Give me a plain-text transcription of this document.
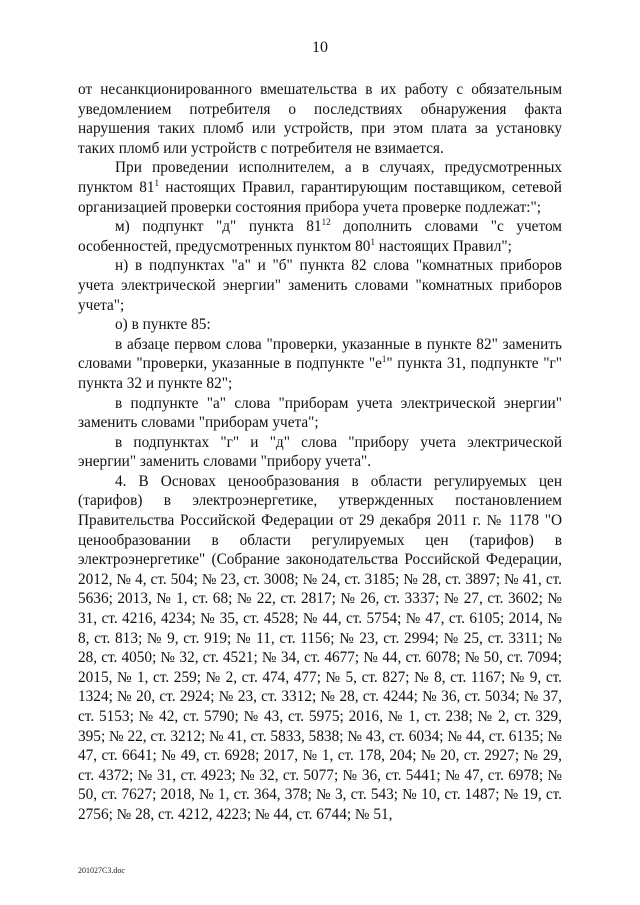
10

от несанкционированного вмешательства в их работу с обязательным уведомлением потребителя о последствиях обнаружения факта нарушения таких пломб или устройств, при этом плата за установку таких пломб или устройств с потребителя не взимается.

При проведении исполнителем, а в случаях, предусмотренных пунктом $81^1$ настоящих Правил, гарантирующим поставщиком, сетевой организацией проверки состояния прибора учета проверке подлежат:";

м) подпункт "д" пункта $81^{12}$ дополнить словами "с учетом особенностей, предусмотренных пунктом $80^1$ настоящих Правил";

н) в подпунктах "а" и "б" пункта 82 слова "комнатных приборов учета электрической энергии" заменить словами "комнатных приборов учета";

о) в пункте 85:

в абзаце первом слова "проверки, указанные в пункте 82" заменить словами "проверки, указанные в подпункте "$е^1$" пункта 31, подпункте "г" пункта 32 и пункте 82";

в подпункте "а" слова "приборам учета электрической энергии" заменить словами "приборам учета";

в подпунктах "г" и "д" слова "прибору учета электрической энергии" заменить словами "прибору учета".

4. В Основах ценообразования в области регулируемых цен (тарифов) в электроэнергетике, утвержденных постановлением Правительства Российской Федерации от 29 декабря 2011 г. № 1178 "О ценообразовании в области регулируемых цен (тарифов) в электроэнергетике" (Собрание законодательства Российской Федерации, 2012, № 4, ст. 504; № 23, ст. 3008; № 24, ст. 3185; № 28, ст. 3897; № 41, ст. 5636; 2013, № 1, ст. 68; № 22, ст. 2817; № 26, ст. 3337; № 27, ст. 3602; № 31, ст. 4216, 4234; № 35, ст. 4528; № 44, ст. 5754; № 47, ст. 6105; 2014, № 8, ст. 813; № 9, ст. 919; № 11, ст. 1156; № 23, ст. 2994; № 25, ст. 3311; № 28, ст. 4050; № 32, ст. 4521; № 34, ст. 4677; № 44, ст. 6078; № 50, ст. 7094; 2015, № 1, ст. 259; № 2, ст. 474, 477; № 5, ст. 827; № 8, ст. 1167; № 9, ст. 1324; № 20, ст. 2924; № 23, ст. 3312; № 28, ст. 4244; № 36, ст. 5034; № 37, ст. 5153; № 42, ст. 5790; № 43, ст. 5975; 2016, № 1, ст. 238; № 2, ст. 329, 395; № 22, ст. 3212; № 41, ст. 5833, 5838; № 43, ст. 6034; № 44, ст. 6135; № 47, ст. 6641; № 49, ст. 6928; 2017, № 1, ст. 178, 204; № 20, ст. 2927; № 29, ст. 4372; № 31, ст. 4923; № 32, ст. 5077; № 36, ст. 5441; № 47, ст. 6978; № 50, ст. 7627; 2018, № 1, ст. 364, 378; № 3, ст. 543; № 10, ст. 1487; № 19, ст. 2756; № 28, ст. 4212, 4223; № 44, ст. 6744; № 51,

201027C3.doc
